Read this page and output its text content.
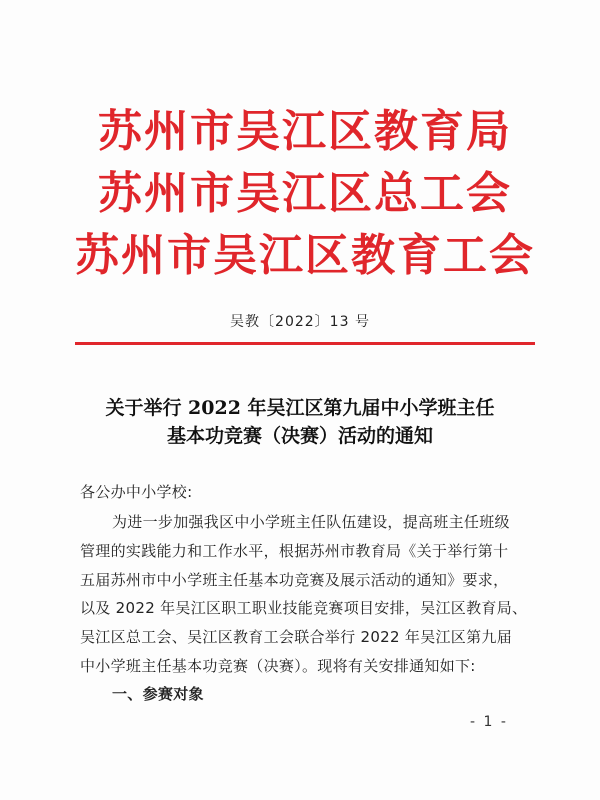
苏州市吴江区教育局
苏州市吴江区总工会
苏州市吴江区教育工会
吴教〔2022〕13 号
关于举行 2022 年吴江区第九届中小学班主任
基本功竞赛（决赛）活动的通知
各公办中小学校:
为进一步加强我区中小学班主任队伍建设，提高班主任班级
管理的实践能力和工作水平，根据苏州市教育局《关于举行第十
五届苏州市中小学班主任基本功竞赛及展示活动的通知》要求，
以及 2022 年吴江区职工职业技能竞赛项目安排，吴江区教育局、
吴江区总工会、吴江区教育工会联合举行 2022 年吴江区第九届
中小学班主任基本功竞赛（决赛）。现将有关安排通知如下:
一、参赛对象
- 1 -
